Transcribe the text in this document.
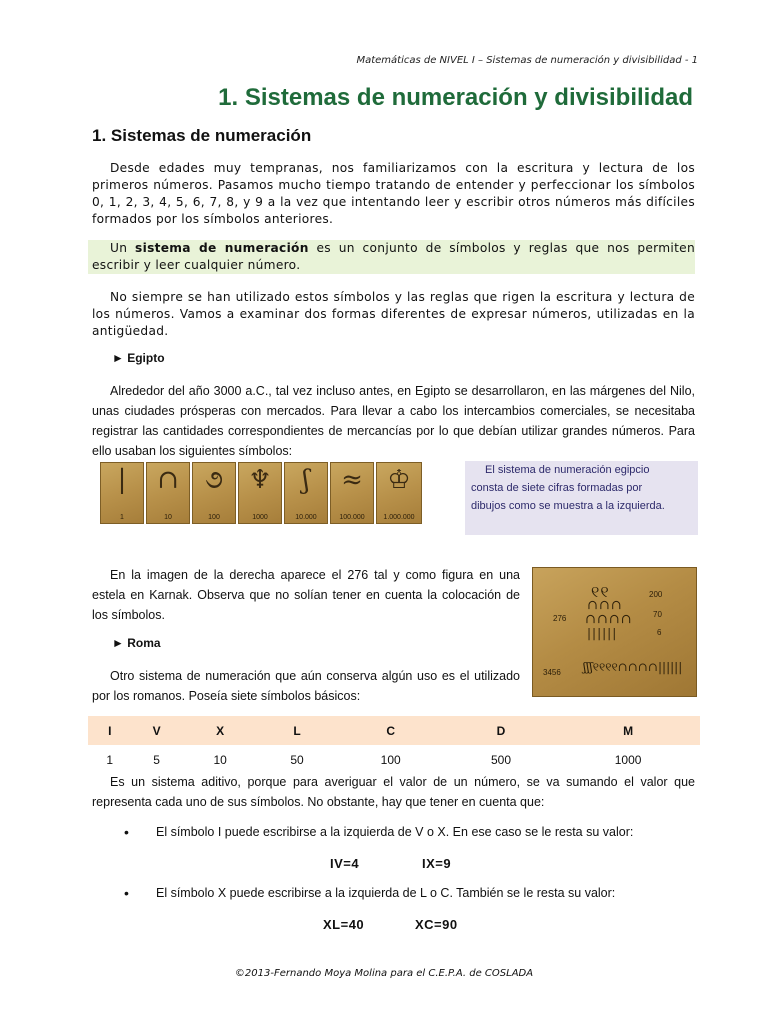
Matemáticas de NIVEL I – Sistemas de numeración y divisibilidad - 1
1. Sistemas de numeración y divisibilidad
1. Sistemas de numeración
Desde edades muy tempranas, nos familiarizamos con la escritura y lectura de los primeros números. Pasamos mucho tiempo tratando de entender y perfeccionar los símbolos 0, 1, 2, 3, 4, 5, 6, 7, 8, y 9 a la vez que intentando leer y escribir otros números más difíciles formados por los símbolos anteriores.
Un sistema de numeración es un conjunto de símbolos y reglas que nos permiten escribir y leer cualquier número.
No siempre se han utilizado estos símbolos y las reglas que rigen la escritura y lectura de los números. Vamos a examinar dos formas diferentes de expresar números, utilizadas en la antigüedad.
► Egipto
Alrededor del año 3000 a.C., tal vez incluso antes, en Egipto se desarrollaron, en las márgenes del Nilo, unas ciudades prósperas con mercados. Para llevar a cabo los intercambios comerciales, se necesitaba registrar las cantidades correspondientes de mercancías por lo que debían utilizar grandes números. Para ello usaban los siguientes símbolos:
|
1
∩
10
૭
100
♆
1000
ʃ
10.000
≈
100.000
♔
1.000.000
El sistema de numeración egipcio
consta de siete cifras formadas por
dibujos como se muestra a la izquierda.
En la imagen de la derecha aparece el 276 tal y como figura en una estela en Karnak. Observa que no solían tener en cuenta la colocación de los símbolos.
200
70
6
276
3456
୧୧
∩∩∩
∩∩∩∩
||||||
ʃʃʃ୧୧୧୧∩∩∩∩||||||
► Roma
Otro sistema de numeración que aún conserva algún uso es el utilizado por los romanos. Poseía siete símbolos básicos:
I	V	X	L	C	D	M
1	5	10	50	100	500	1000
Es un sistema aditivo, porque para averiguar el valor de un número, se va sumando el valor que representa cada uno de sus símbolos. No obstante, hay que tener en cuenta que:
• El símbolo I puede escribirse a la izquierda de V o X. En ese caso se le resta su valor:
IV=4	IX=9
• El símbolo X puede escribirse a la izquierda de L o C. También se le resta su valor:
XL=40	XC=90
©2013-Fernando Moya Molina para el C.E.P.A. de COSLADA
